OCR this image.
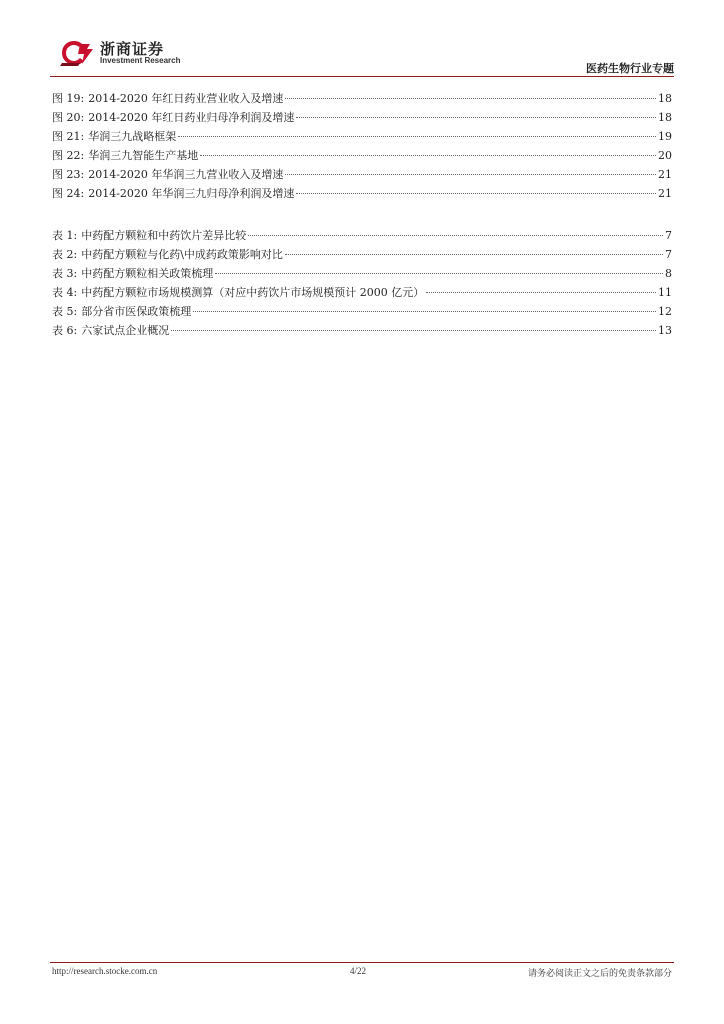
浙商证券
Investment Research
医药生物行业专题
图 19: 2014-2020 年红日药业营业收入及增速	18
图 20: 2014-2020 年红日药业归母净利润及增速	18
图 21: 华润三九战略框架	19
图 22: 华润三九智能生产基地	20
图 23: 2014-2020 年华润三九营业收入及增速	21
图 24: 2014-2020 年华润三九归母净利润及增速	21
表 1: 中药配方颗粒和中药饮片差异比较	7
表 2: 中药配方颗粒与化药\中成药政策影响对比	7
表 3: 中药配方颗粒相关政策梳理	8
表 4: 中药配方颗粒市场规模测算（对应中药饮片市场规模预计 2000 亿元）	11
表 5: 部分省市医保政策梳理	12
表 6: 六家试点企业概况	13
http://research.stocke.com.cn	4/22	请务必阅读正文之后的免责条款部分
